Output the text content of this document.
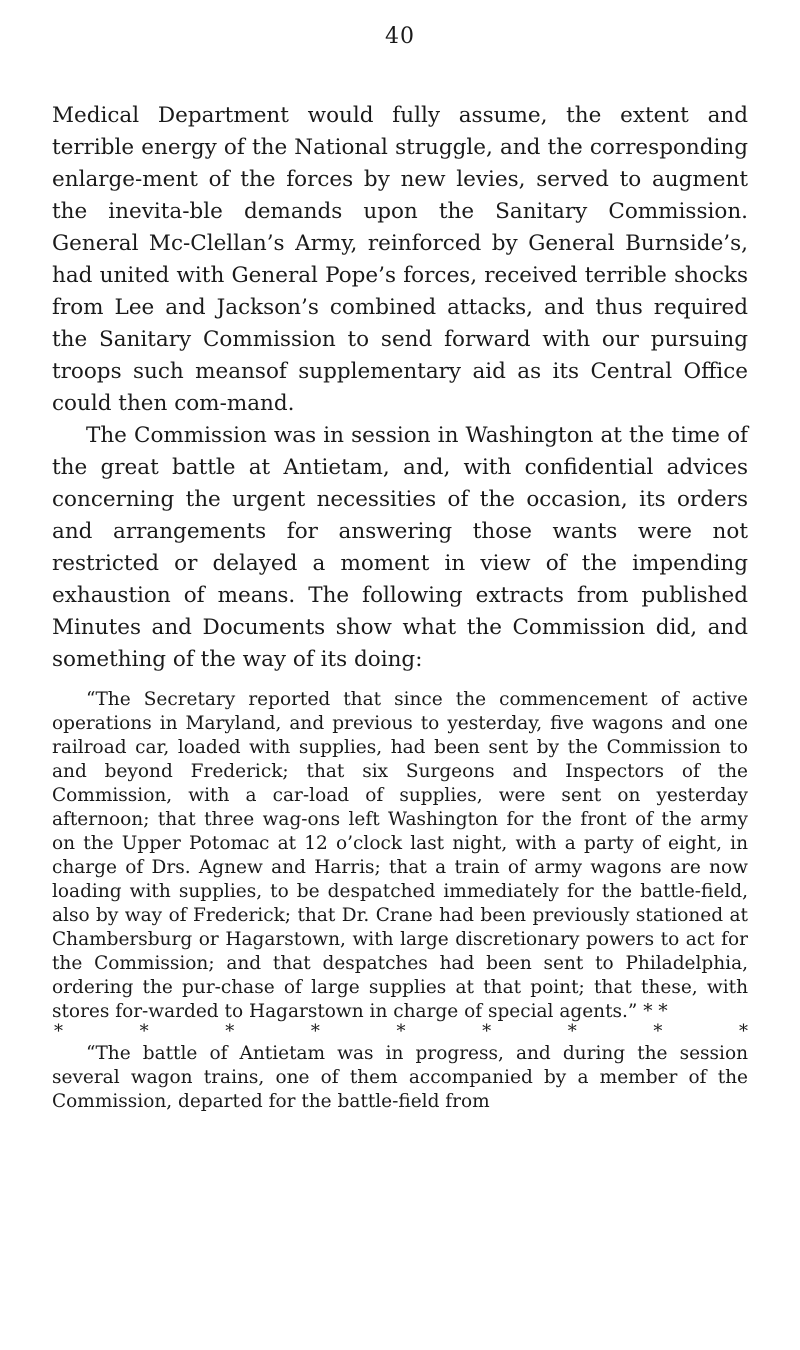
40

Medical Department would fully assume, the extent and terrible energy of the National struggle, and the corresponding enlarge-ment of the forces by new levies, served to augment the inevita-ble demands upon the Sanitary Commission. General Mc-Clellan’s Army, reinforced by General Burnside’s, had united with General Pope’s forces, received terrible shocks from Lee and Jackson’s combined attacks, and thus required the Sanitary Commission to send forward with our pursuing troops such meansof supplementary aid as its Central Office could then com-mand.

The Commission was in session in Washington at the time of the great battle at Antietam, and, with confidential advices concerning the urgent necessities of the occasion, its orders and arrangements for answering those wants were not restricted or delayed a moment in view of the impending exhaustion of means. The following extracts from published Minutes and Documents show what the Commission did, and something of the way of its doing:

“The Secretary reported that since the commencement of active operations in Maryland, and previous to yesterday, five wagons and one railroad car, loaded with supplies, had been sent by the Commission to and beyond Frederick; that six Surgeons and Inspectors of the Commission, with a car-load of supplies, were sent on yesterday afternoon; that three wag-ons left Washington for the front of the army on the Upper Potomac at 12 o’clock last night, with a party of eight, in charge of Drs. Agnew and Harris; that a train of army wagons are now loading with supplies, to be despatched immediately for the battle-field, also by way of Frederick; that Dr. Crane had been previously stationed at Chambersburg or Hagarstown, with large discretionary powers to act for the Commission; and that despatches had been sent to Philadelphia, ordering the pur-chase of large supplies at that point; that these, with stores for-warded to Hagarstown in charge of special agents.” * *

*	*	*	*	*	*	*	*	*

“The battle of Antietam was in progress, and during the session several wagon trains, one of them accompanied by a member of the Commission, departed for the battle-field from
